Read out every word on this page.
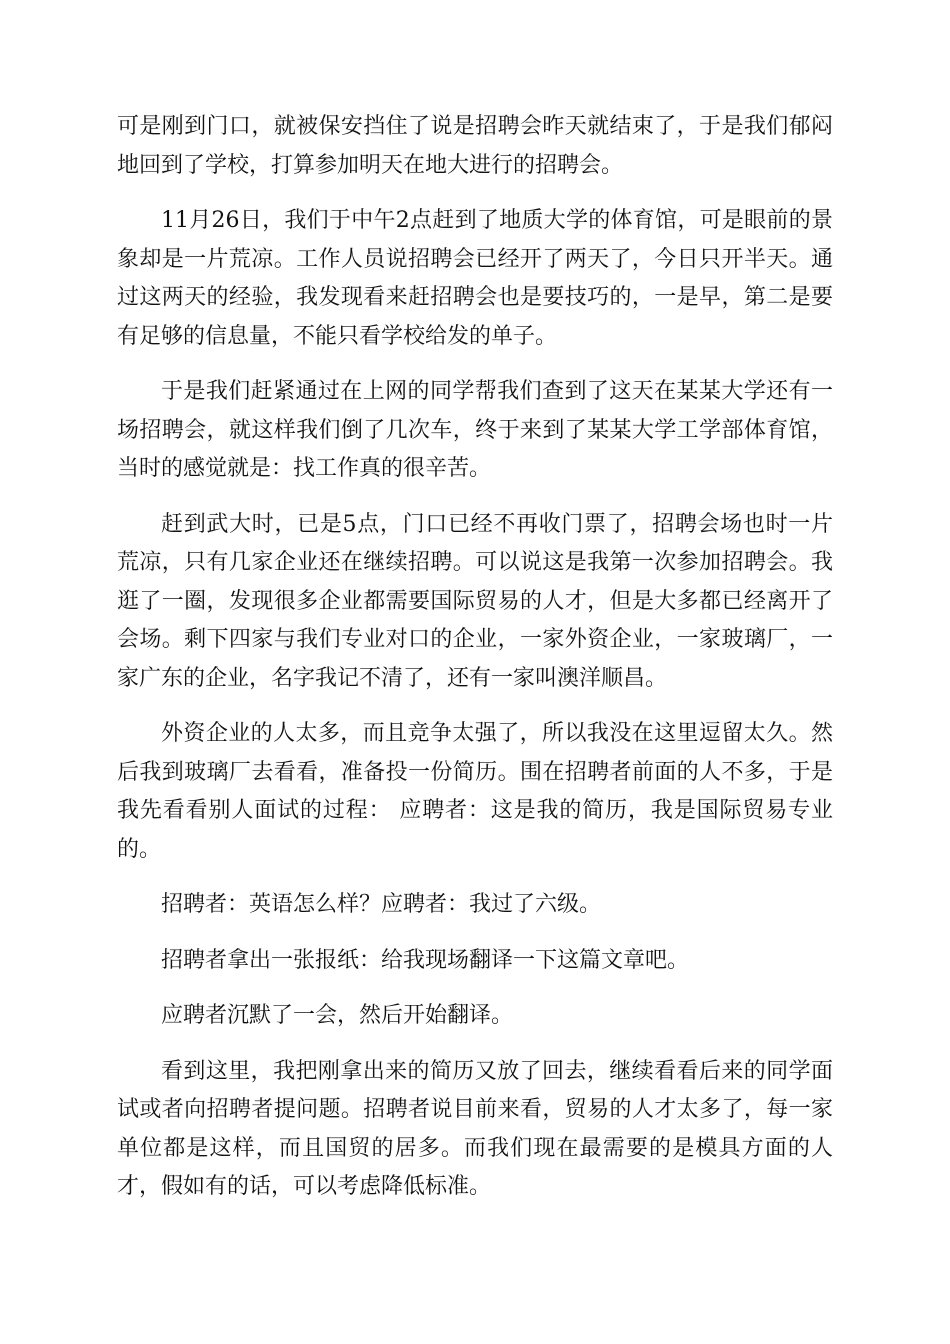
可是刚到门口，就被保安挡住了说是招聘会昨天就结束了，于是我们郁闷地回到了学校，打算参加明天在地大进行的招聘会。

11月26日，我们于中午2点赶到了地质大学的体育馆，可是眼前的景象却是一片荒凉。工作人员说招聘会已经开了两天了，今日只开半天。通过这两天的经验，我发现看来赶招聘会也是要技巧的，一是早，第二是要有足够的信息量，不能只看学校给发的单子。

于是我们赶紧通过在上网的同学帮我们查到了这天在某某大学还有一场招聘会，就这样我们倒了几次车，终于来到了某某大学工学部体育馆，当时的感觉就是：找工作真的很辛苦。

赶到武大时，已是5点，门口已经不再收门票了，招聘会场也时一片荒凉，只有几家企业还在继续招聘。可以说这是我第一次参加招聘会。我逛了一圈，发现很多企业都需要国际贸易的人才，但是大多都已经离开了会场。剩下四家与我们专业对口的企业，一家外资企业，一家玻璃厂，一家广东的企业，名字我记不清了，还有一家叫澳洋顺昌。

外资企业的人太多，而且竞争太强了，所以我没在这里逗留太久。然后我到玻璃厂去看看，准备投一份简历。围在招聘者前面的人不多，于是我先看看别人面试的过程： 应聘者：这是我的简历，我是国际贸易专业的。

招聘者：英语怎么样？应聘者：我过了六级。

招聘者拿出一张报纸：给我现场翻译一下这篇文章吧。

应聘者沉默了一会，然后开始翻译。

看到这里，我把刚拿出来的简历又放了回去，继续看看后来的同学面试或者向招聘者提问题。招聘者说目前来看，贸易的人才太多了，每一家单位都是这样，而且国贸的居多。而我们现在最需要的是模具方面的人才，假如有的话，可以考虑降低标准。
